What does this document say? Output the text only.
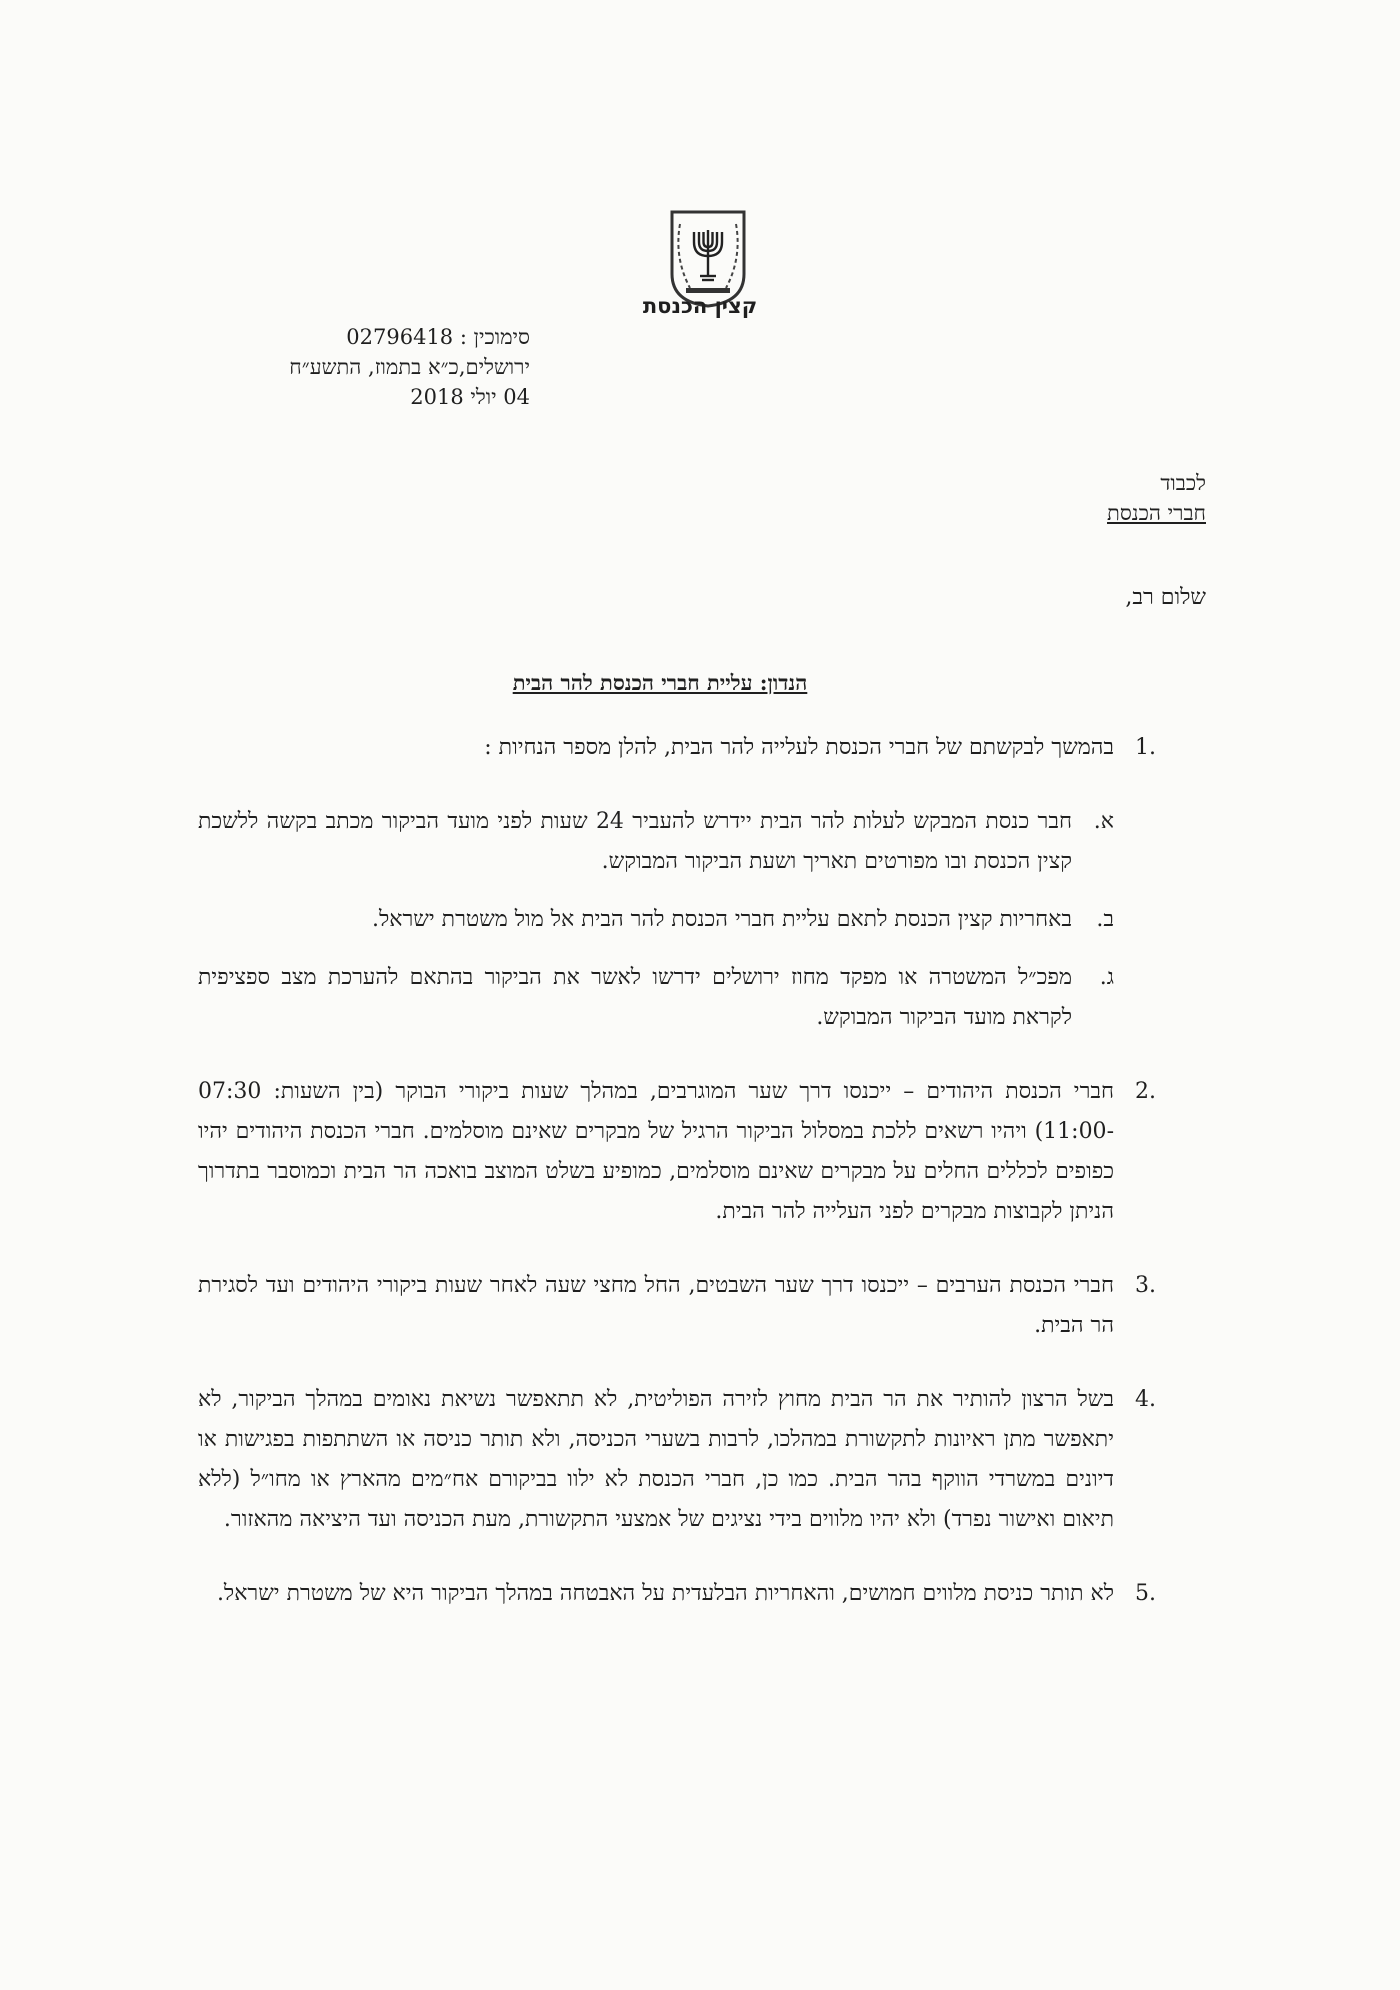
קצין הכנסת
סימוכין : 02796418
ירושלים,כ״א בתמוז, התשע״ח
04 יולי 2018
לכבוד
חברי הכנסת
שלום רב,
הנדון: עליית חברי הכנסת להר הבית
1.
בהמשך לבקשתם של חברי הכנסת לעלייה להר הבית, להלן מספר הנחיות :
א.
חבר כנסת המבקש לעלות להר הבית יידרש להעביר 24 שעות לפני מועד הביקור מכתב בקשה ללשכת קצין הכנסת ובו מפורטים תאריך ושעת הביקור המבוקש.
ב.
באחריות קצין הכנסת לתאם עליית חברי הכנסת להר הבית אל מול משטרת ישראל.
ג.
מפכ״ל המשטרה או מפקד מחוז ירושלים ידרשו לאשר את הביקור בהתאם להערכת מצב ספציפית לקראת מועד הביקור המבוקש.
2.
חברי הכנסת היהודים – ייכנסו דרך שער המוגרבים, במהלך שעות ביקורי הבוקר (בין השעות: 07:30 -11:00) ויהיו רשאים ללכת במסלול הביקור הרגיל של מבקרים שאינם מוסלמים. חברי הכנסת היהודים יהיו כפופים לכללים החלים על מבקרים שאינם מוסלמים, כמופיע בשלט המוצב בואכה הר הבית וכמוסבר בתדרוך הניתן לקבוצות מבקרים לפני העלייה להר הבית.
3.
חברי הכנסת הערבים – ייכנסו דרך שער השבטים, החל מחצי שעה לאחר שעות ביקורי היהודים ועד לסגירת הר הבית.
4.
בשל הרצון להותיר את הר הבית מחוץ לזירה הפוליטית, לא תתאפשר נשיאת נאומים במהלך הביקור, לא יתאפשר מתן ראיונות לתקשורת במהלכו, לרבות בשערי הכניסה, ולא תותר כניסה או השתתפות בפגישות או דיונים במשרדי הווקף בהר הבית. כמו כן, חברי הכנסת לא ילוו בביקורם אח״מים מהארץ או מחו״ל (ללא תיאום ואישור נפרד) ולא יהיו מלווים בידי נציגים של אמצעי התקשורת, מעת הכניסה ועד היציאה מהאזור.
5.
לא תותר כניסת מלווים חמושים, והאחריות הבלעדית על האבטחה במהלך הביקור היא של משטרת ישראל.
